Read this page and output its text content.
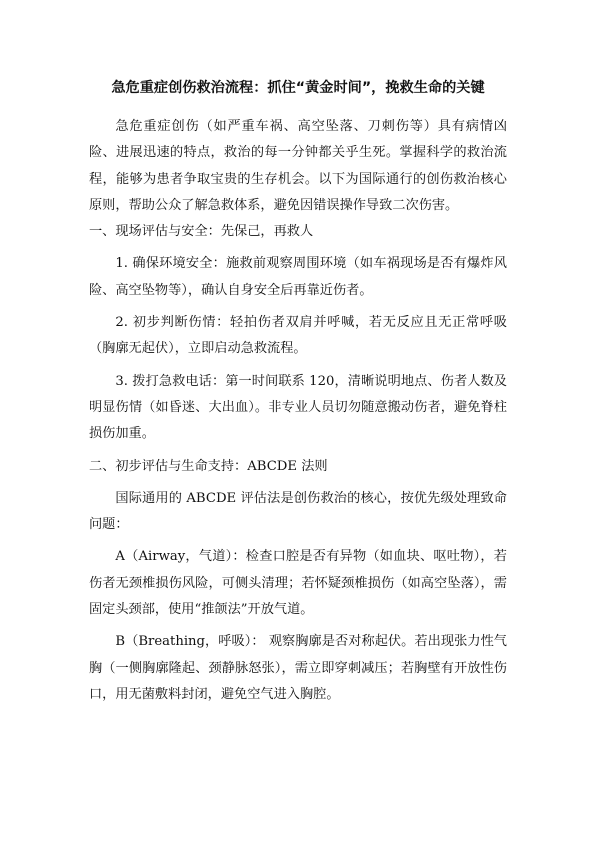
急危重症创伤救治流程：抓住“黄金时间”，挽救生命的关键

急危重症创伤（如严重车祸、高空坠落、刀刺伤等）具有病情凶险、进展迅速的特点，救治的每一分钟都关乎生死。掌握科学的救治流程，能够为患者争取宝贵的生存机会。以下为国际通行的创伤救治核心原则，帮助公众了解急救体系，避免因错误操作导致二次伤害。

一、现场评估与安全：先保己，再救人

1. 确保环境安全：施救前观察周围环境（如车祸现场是否有爆炸风险、高空坠物等），确认自身安全后再靠近伤者。

2. 初步判断伤情：轻拍伤者双肩并呼喊，若无反应且无正常呼吸（胸廓无起伏），立即启动急救流程。

3. 拨打急救电话：第一时间联系 120，清晰说明地点、伤者人数及明显伤情（如昏迷、大出血）。非专业人员切勿随意搬动伤者，避免脊柱损伤加重。

二、初步评估与生命支持：ABCDE 法则

国际通用的 ABCDE 评估法是创伤救治的核心，按优先级处理致命问题：

A（Airway，气道）：检查口腔是否有异物（如血块、呕吐物），若伤者无颈椎损伤风险，可侧头清理；若怀疑颈椎损伤（如高空坠落），需固定头颈部，使用“推颌法”开放气道。

B（Breathing，呼吸）： 观察胸廓是否对称起伏。若出现张力性气胸（一侧胸廓隆起、颈静脉怒张），需立即穿刺减压；若胸壁有开放性伤口，用无菌敷料封闭，避免空气进入胸腔。
